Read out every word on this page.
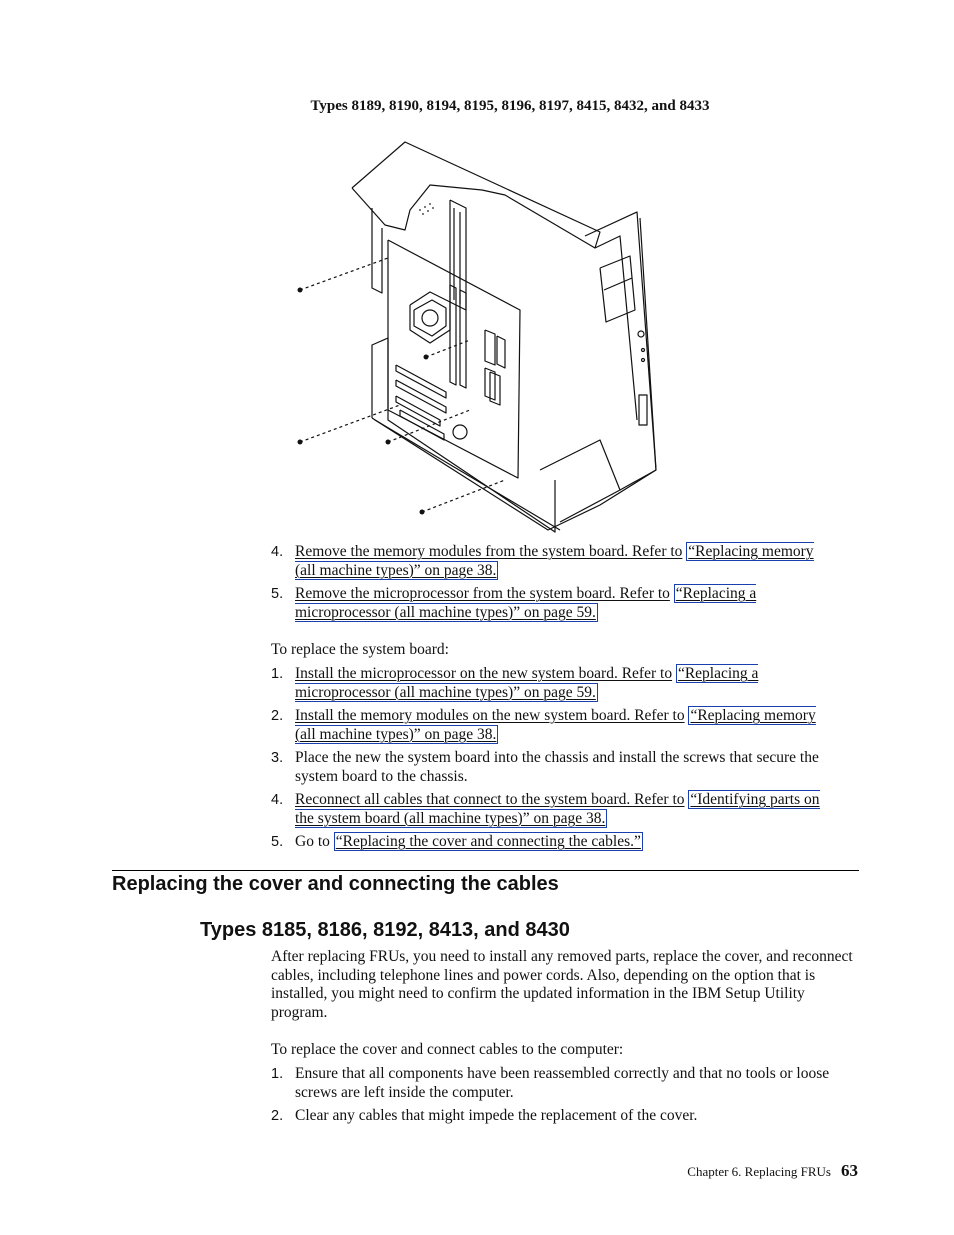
Types 8189, 8190, 8194, 8195, 8196, 8197, 8415, 8432, and 8433
4. Remove the memory modules from the system board. Refer to “Replacing memory (all machine types)” on page 38.
5. Remove the microprocessor from the system board. Refer to “Replacing a microprocessor (all machine types)” on page 59.
To replace the system board:
1. Install the microprocessor on the new system board. Refer to “Replacing a microprocessor (all machine types)” on page 59.
2. Install the memory modules on the new system board. Refer to “Replacing memory (all machine types)” on page 38.
3. Place the new the system board into the chassis and install the screws that secure the system board to the chassis.
4. Reconnect all cables that connect to the system board. Refer to “Identifying parts on the system board (all machine types)” on page 38.
5. Go to “Replacing the cover and connecting the cables.”
Replacing the cover and connecting the cables
Types 8185, 8186, 8192, 8413, and 8430

After replacing FRUs, you need to install any removed parts, replace the cover, and reconnect cables, including telephone lines and power cords. Also, depending on the option that is installed, you might need to confirm the updated information in the IBM Setup Utility program.

To replace the cover and connect cables to the computer:
1. Ensure that all components have been reassembled correctly and that no tools or loose screws are left inside the computer.
2. Clear any cables that might impede the replacement of the cover.
Chapter 6. Replacing FRUs 63
